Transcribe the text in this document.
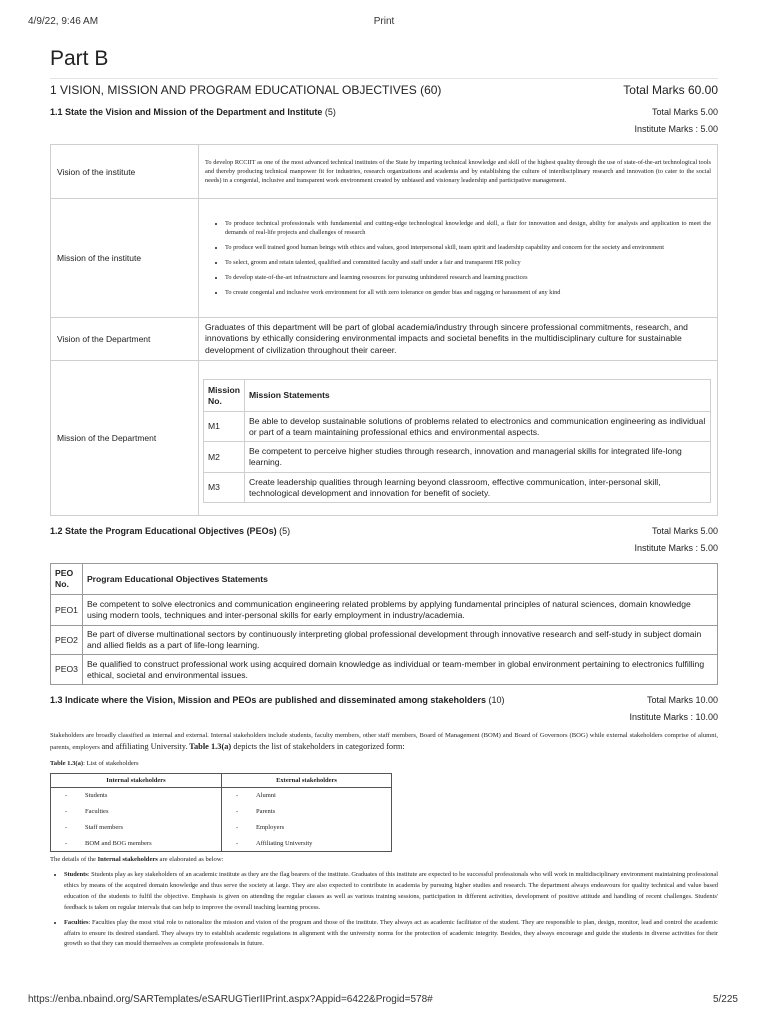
4/9/22, 9:46 AM	Print
Part B
1 VISION, MISSION AND PROGRAM EDUCATIONAL OBJECTIVES (60)	Total Marks 60.00
1.1 State the Vision and Mission of the Department and Institute (5)	Total Marks 5.00
Institute Marks : 5.00
Vision of the institute	To develop RCCIIT as one of the most advanced technical institutes of the State by imparting technical knowledge and skill of the highest quality through the use of state-of-the-art technological tools and thereby producing technical manpower fit for industries, research organizations and academia and by establishing the culture of interdisciplinary research and innovation (to cater to the social needs) in a congenial, inclusive and transparent work environment created by unbiased and visionary leadership and participative management.
Mission of the institute	
• To produce technical professionals with fundamental and cutting-edge technological knowledge and skill, a flair for innovation and design, ability for analysis and application to meet the demands of real-life projects and challenges of research
• To produce well trained good human beings with ethics and values, good interpersonal skill, team spirit and leadership capability and concern for the society and environment
• To select, groom and retain talented, qualified and committed faculty and staff under a fair and transparent HR policy
• To develop state-of-the-art infrastructure and learning resources for pursuing unhindered research and learning practices
• To create congenial and inclusive work environment for all with zero tolerance on gender bias and ragging or harassment of any kind

Vision of the Department	Graduates of this department will be part of global academia/industry through sincere professional commitments, research, and innovations by ethically considering environmental impacts and societal benefits in the multidisciplinary culture for sustainable development of civilization throughout their career.
Mission of the Department	
Mission No.	Mission Statements
M1	Be able to develop sustainable solutions of problems related to electronics and communication engineering as individual or part of a team maintaining professional ethics and environmental aspects.
M2	Be competent to perceive higher studies through research, innovation and managerial skills for integrated life-long learning.
M3	Create leadership qualities through learning beyond classroom, effective communication, inter-personal skill, technological development and innovation for benefit of society.
1.2 State the Program Educational Objectives (PEOs) (5)	Total Marks 5.00
Institute Marks : 5.00
PEO No.	Program Educational Objectives Statements
PEO1	Be competent to solve electronics and communication engineering related problems by applying fundamental principles of natural sciences, domain knowledge using modern tools, techniques and inter-personal skills for early employment in industry/academia.
PEO2	Be part of diverse multinational sectors by continuously interpreting global professional development through innovative research and self-study in subject domain and allied fields as a part of life-long learning.
PEO3	Be qualified to construct professional work using acquired domain knowledge as individual or team-member in global environment pertaining to electronics fulfilling ethical, societal and environmental issues.
1.3 Indicate where the Vision, Mission and PEOs are published and disseminated among stakeholders (10)	Total Marks 10.00
Institute Marks : 10.00

Stakeholders are broadly classified as internal and external. Internal stakeholders include students, faculty members, other staff members, Board of Management (BOM) and Board of Governors (BOG) while external stakeholders comprise of alumni, parents, employers and affiliating University. Table 1.3(a) depicts the list of stakeholders in categorized form:

Table 1.3(a): List of stakeholders
Internal stakeholders	External stakeholders
- Students	- Alumni
- Faculties	- Parents
- Staff members	- Employers
- BOM and BOG members	- Affiliating University

The details of the Internal stakeholders are elaborated as below:

• Students: Students play as key stakeholders of an academic institute as they are the flag bearers of the institute. Graduates of this institute are expected to be successful professionals who will work in multidisciplinary environment maintaining professional ethics by means of the acquired domain knowledge and thus serve the society at large. They are also expected to contribute in academia by pursuing higher studies and research. The department always endeavours for quality technical and value based education of the students to fulfil the objective. Emphasis is given on attending the regular classes as well as various training sessions, participation in different activities, development of positive attitude and handling of recent challenges. Students' feedback is taken on regular intervals that can help to improve the overall teaching learning process.
• Faculties: Faculties play the most vital role to rationalize the mission and vision of the program and those of the institute. They always act as academic facilitator of the student. They are responsible to plan, design, monitor, lead and control the academic affairs to ensure its desired standard. They always try to establish academic regulations in alignment with the university norms for the protection of academic integrity. Besides, they always encourage and guide the students in diverse activities for their growth so that they can mould themselves as complete professionals in future.
https://enba.nbaind.org/SARTemplates/eSARUGTierIIPrint.aspx?Appid=6422&Progid=578#	5/225
